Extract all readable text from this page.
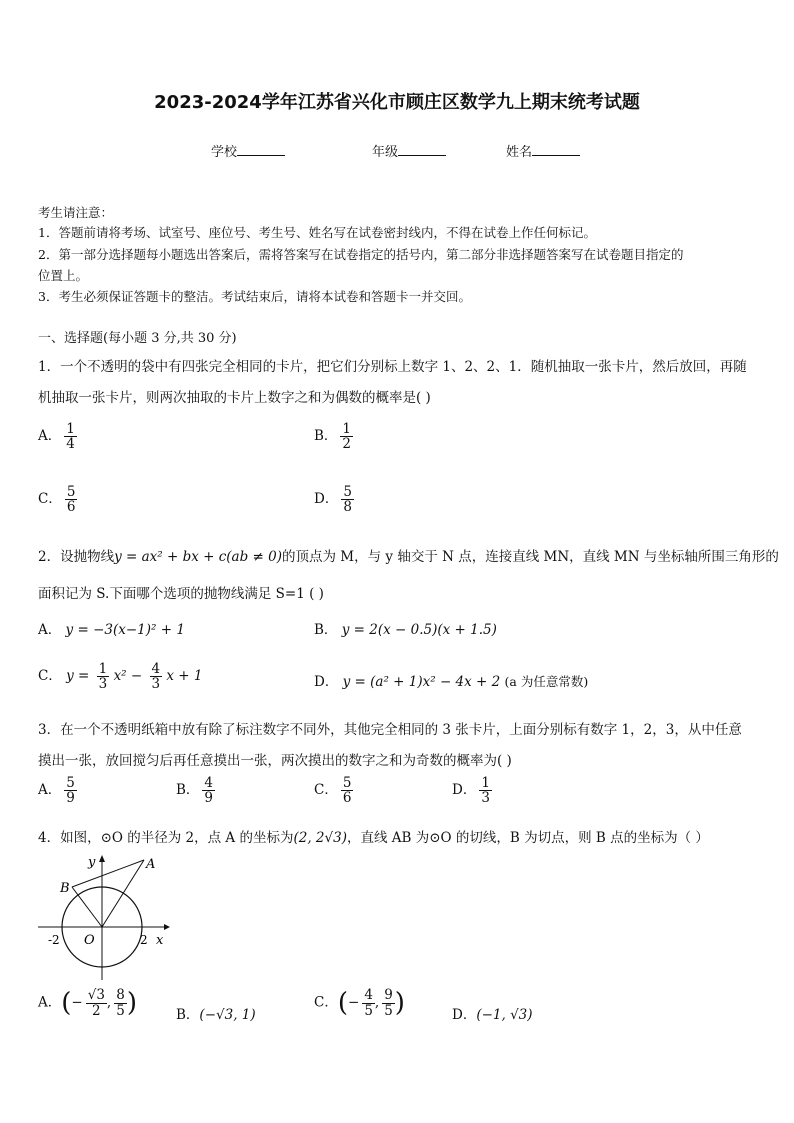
2023-2024学年江苏省兴化市顾庄区数学九上期末统考试题
学校	年级	姓名
考生请注意：
1．答题前请将考场、试室号、座位号、考生号、姓名写在试卷密封线内，不得在试卷上作任何标记。
2．第一部分选择题每小题选出答案后，需将答案写在试卷指定的括号内，第二部分非选择题答案写在试卷题目指定的
位置上。
3．考生必须保证答题卡的整洁。考试结束后，请将本试卷和答题卡一并交回。
一、选择题(每小题 3 分,共 30 分)
1．一个不透明的袋中有四张完全相同的卡片，把它们分别标上数字 1、2、2、1．随机抽取一张卡片，然后放回，再随
机抽取一张卡片，则两次抽取的卡片上数字之和为偶数的概率是( )
A． $\frac{1}{4}$	B． $\frac{1}{2}$
C． $\frac{5}{6}$	D． $\frac{5}{8}$
2．设抛物线y = ax² + bx + c(ab ≠ 0)的顶点为 M，与 y 轴交于 N 点，连接直线 MN，直线 MN 与坐标轴所围三角形的
面积记为 S.下面哪个选项的抛物线满足 S=1 ( )
A． y = −3(x−1)² + 1	B． y = 2(x − 0.5)(x + 1.5)
C． $y = \frac{1}{3} x^2 - \frac{4}{3}$ x + 1	D． y = (a² + 1)x² − 4x + 2 (a 为任意常数)
3．在一个不透明纸箱中放有除了标注数字不同外，其他完全相同的 3 张卡片，上面分别标有数字 1，2，3，从中任意
摸出一张，放回搅匀后再任意摸出一张，两次摸出的数字之和为奇数的概率为( )
A． $\frac{5}{9}$	B． $\frac{4}{9}$	C． $\frac{5}{6}$	D． $\frac{1}{3}$
4．如图，⊙O 的半径为 2，点 A 的坐标为(2, 2√3)，直线 AB 为⊙O 的切线，B 为切点，则 B 点的坐标为（ ）
y	A
B
O
-2	2 x
A．(− $\frac{√3}{2}$ , $\frac{8}{5}$ )	B．(−√3, 1)
C．(− $\frac{4}{5}$ , $\frac{9}{5}$ )	D．(−1, √3)
